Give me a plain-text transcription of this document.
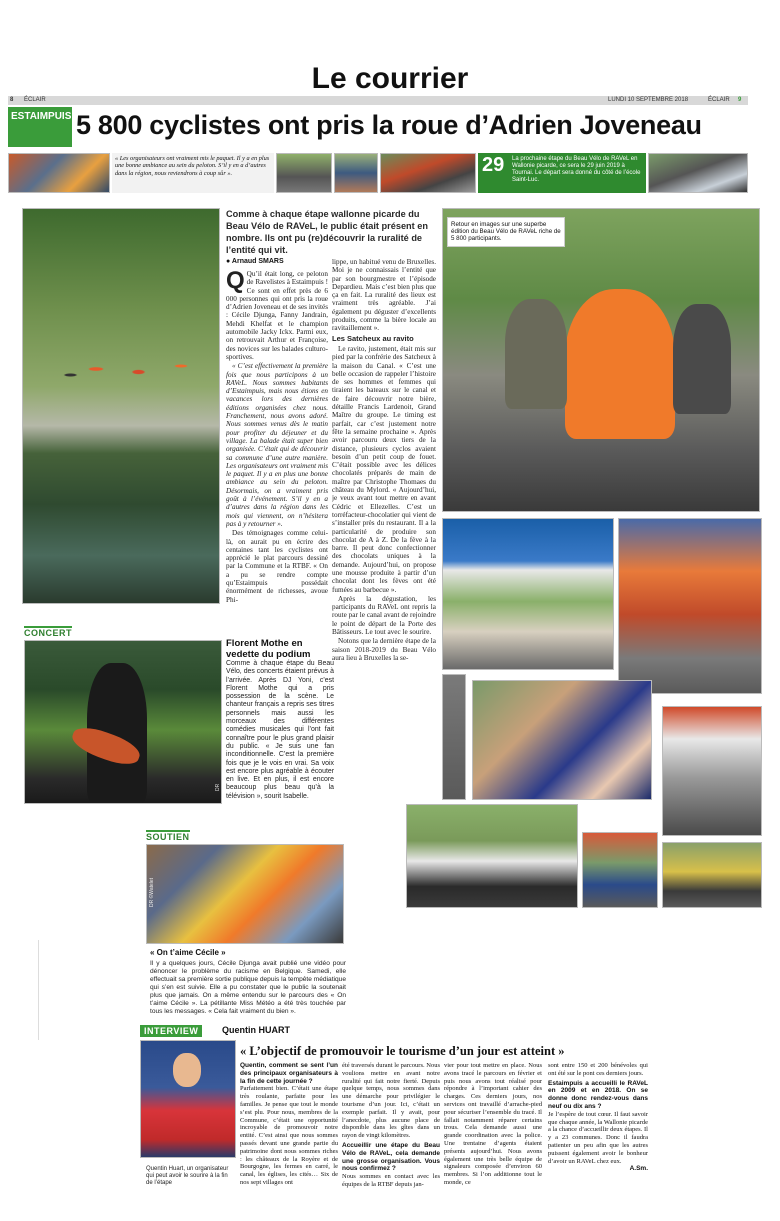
Le courrier
8 ÉCLAIR	LUNDI 10 SEPTEMBRE 2018	ÉCLAIR 9
ESTAIMPUIS 5 800 cyclistes ont pris la roue d’Adrien Joveneau
« Les organisateurs ont vraiment mis le paquet. Il y a en plus une bonne ambiance au sein du peloton. S’il y en a d’autres dans la région, nous reviendrons à coup sûr ».	29 La prochaine étape du Beau Vélo de RAVeL en Wallonie picarde, ce sera le 29 juin 2019 à Tournai. Le départ sera donné du côté de l’école Saint-Luc.
Comme à chaque étape wallonne picarde du Beau Vélo de RAVeL, le public était présent en nombre. Ils ont pu (re)découvrir la ruralité de l’entité qui vit.
● Arnaud SMARS

Q Qu’il était long, ce peloton de Ravelistes à Estaimpuis ! Ce sont en effet près de 6 000 personnes qui ont pris la roue d’Adrien Joveneau et de ses invités : Cécile Djunga, Fanny Jandrain, Mehdi Khelfat et le champion automobile Jacky Ickx. Parmi eux, on retrouvait Arthur et Françoise, des novices sur les balades culturo-sportives.

« C’est effectivement la première fois que nous participons à un RAVeL. Nous sommes habitants d’Estaimpuis, mais nous étions en vacances lors des dernières éditions organisées chez nous. Franchement, nous avons adoré. Nous sommes venus dès le matin pour profiter du déjeuner et du village. La balade était super bien organisée. C’était qui de découvrir sa commune d’une autre manière. Les organisateurs ont vraiment mis le paquet. Il y a en plus une bonne ambiance au sein du peloton. Désormais, on a vraiment pris goût à l’événement. S’il y en a d’autres dans la région dans les mois qui viennent, on n’hésitera pas à y retourner ».

Des témoignages comme celui-là, on aurait pu en écrire des centaines tant les cyclistes ont apprécié le plat parcours dessiné par la Commune et la RTBF. « On a pu se rendre compte qu’Estaimpuis possédait énormément de richesses, avoue Phi-

lippe, un habitué venu de Bruxelles. Moi je ne connaissais l’entité que par son bourgmestre et l’épisode Depardieu. Mais c’est bien plus que ça en fait. La ruralité des lieux est vraiment très agréable. J’ai également pu déguster d’excellents produits, comme la bière locale au ravitaillement ».

Les Satcheux au ravito

Le ravito, justement, était mis sur pied par la confrérie des Satcheux à la maison du Canal. « C’est une belle occasion de rappeler l’histoire de ses hommes et femmes qui tiraient les bateaux sur le canal et de faire découvrir notre bière, détaille Francis Lardenoit, Grand Maître du groupe. Le timing est parfait, car c’est justement notre fête la semaine prochaine ». Après avoir parcouru deux tiers de la distance, plusieurs cyclos avaient besoin d’un petit coup de fouet. C’était possible avec les délices chocolatés préparés de main de maître par Christophe Thomaes du château du Mylord. « Aujourd’hui, je veux avant tout mettre en avant Cédric et Ellezelles. C’est un torréfacteur-chocolatier qui vient de s’installer près du restaurant. Il a la particularité de produire son chocolat de A à Z. De la fève à la barre. Il peut donc confectionner des chocolats uniques à la demande. Aujourd’hui, on propose une mousse produite à partir d’un chocolat dont les fèves ont été fumées au barbecue ».

Après la dégustation, les participants du RAVeL ont repris la route par le canal avant de rejoindre le point de départ de la Porte des Bâtisseurs. Le tout avec le sourire.

Notons que la dernière étape de la saison 2018-2019 du Beau Vélo aura lieu à Bruxelles la se-

Retour en images sur une superbe édition du Beau Vélo de RAVeL riche de 5 800 participants.
CONCERT
DR
Florent Mothe en vedette du podium
Comme à chaque étape du Beau Vélo, des concerts étaient prévus à l’arrivée. Après DJ Yoni, c’est Florent Mothe qui a pris possession de la scène. Le chanteur français a repris ses titres personnels mais aussi les morceaux des différentes comédies musicales qui l’ont fait connaître pour le plus grand plaisir du public. « Je suis une fan inconditionnelle. C’est la première fois que je le vois en vrai. Sa voix est encore plus agréable à écouter en live. Et en plus, il est encore beaucoup plus beau qu’à la télévision », sourit Isabelle.
SOUTIEN
DR ©Watelet
« On t’aime Cécile »
Il y a quelques jours, Cécile Djunga avait publié une vidéo pour dénoncer le problème du racisme en Belgique. Samedi, elle effectuait sa première sortie publique depuis la tempête médiatique qui s’en est suivie. Elle a pu constater que le public la soutenait plus que jamais. On a même entendu sur le parcours des « On t’aime Cécile ». La pétillante Miss Météo a été très touchée par tous les messages. « Cela fait vraiment du bien ».
INTERVIEW	Quentin HUART
Quentin Huart, un organisateur qui peut avoir le sourire à la fin de l’étape
« L’objectif de promouvoir le tourisme d’un jour est atteint »
Quentin, comment se sent l’un des principaux organisateurs à la fin de cette journée ?
Parfaitement bien. C’était une étape très roulante, parfaite pour les familles. Je pense que tout le monde s’est plu. Pour nous, membres de la Commune, c’était une opportunité incroyable de promouvoir notre entité. C’est ainsi que nous sommes passés devant une grande partie du patrimoine dont nous sommes riches : les châteaux de la Royère et de Bourgogne, les fermes en carré, le canal, les églises, les cités… Six de nos sept villages ont
été traversés durant le parcours. Nous voulions mettre en avant notre ruralité qui fait notre fierté. Depuis quelque temps, nous sommes dans une démarche pour privilégier le tourisme d’un jour. Ici, c’était un exemple parfait. Il y avait, pour l’anecdote, plus aucune place de disponible dans les gîtes dans un rayon de vingt kilomètres.
Accueillir une étape du Beau Vélo de RAVeL, cela demande une grosse organisation. Vous nous confirmez ?
Nous sommes en contact avec les équipes de la RTBF depuis jan-
vier pour tout mettre en place. Nous avons tracé le parcours en février et puis nous avons tout réalisé pour répondre à l’important cahier des charges. Ces derniers jours, nos services ont travaillé d’arrache-pied pour sécuriser l’ensemble du tracé. Il fallait notamment réparer certains trous. Cela demande aussi une grande coordination avec la police. Une trentaine d’agents étaient présents aujourd’hui. Nous avons également une très belle équipe de signaleurs composée d’environ 60 membres. Si l’on additionne tout le monde, ce
sont entre 150 et 200 bénévoles qui ont été sur le pont ces derniers jours.
Estaimpuis a accueilli le RAVeL en 2009 et en 2018. On se donne donc rendez-vous dans neuf ou dix ans ?
Je l’espère de tout cœur. Il faut savoir que chaque année, la Wallonie picarde a la chance d’accueillir deux étapes. Il y a 23 communes. Donc il faudra patienter un peu afin que les autres puissent également avoir le bonheur d’avoir un RAVeL chez eux.
A.Sm.
